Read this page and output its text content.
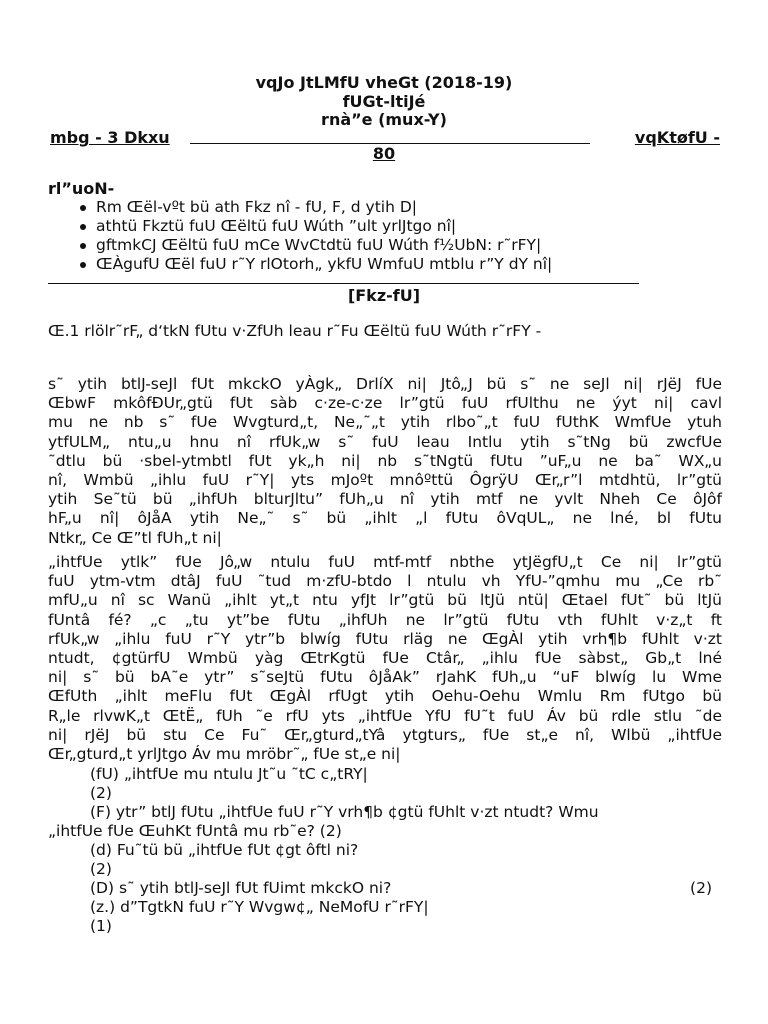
vqJo JtLMfU vheGt (2018-19)
fUGt-ltiJé
rnà”e (mux-Y)
mbg - 3 Dkxu	vqKtøfU -
80
rl”uoN-
Rm Œël-vºt bü ath Fkz nî - fU, F, d ytih D|
athtü Fkztü fuU Œëltü fuU Wúth ”ult yrlJtgo nî|
gftmkCJ Œëltü fuU mCe WvCtdtü fuU Wúth f½UbN: r˜rFY|
ŒÀgufU Œël fuU r˜Y rlOtorh„ ykfU WmfuU mtblu r”Y dY nî|
[Fkz-fU]
Œ.1 rlölr˜rF„ d‘tkN fUtu v·ZfUh leau r˜Fu Œëltü fuU Wúth r˜rFY -
s˜ ytih btlJ-seJl fUt mkckO yÀgk„ DrlíX ni| Jtô„J bü s˜ ne seJl ni| rJëJ fUe
ŒbwF mkôfÐUr„gtü fUt sàb c·ze-c·ze lr”gtü fuU rfUlthu ne ýyt ni| cavl
mu ne nb s˜ fUe Wvgturd„t, Ne„˜„t ytih rlbo˜„t fuU fUthK WmfUe ytuh
ytfULM„ ntu„u hnu nî rfUk„w s˜ fuU leau Intlu ytih s˜tNg bü zwcfUe
˜dtlu bü ·sbel-ytmbtl fUt yk„h ni| nb s˜tNgtü fUtu ”uF„u ne ba˜ WX„u
nî, Wmbü „ihlu fuU r˜Y| yts mJoºt mnôºttü ÔgrÿU Œr„r”l mtdhtü, lr”gtü
ytih Se˜tü bü „ihfUh blturJltu” fUh„u nî ytih mtf ne yvlt Nheh Ce ôJôf
hF„u nî| ôJåA ytih Ne„˜ s˜ bü „ihlt „l fUtu ôVqUL„ ne lné, bl fUtu
Ntkr„ Ce Œ”tl fUh„t ni|
„ihtfUe ytlk” fUe Jô„w ntulu fuU mtf-mtf nbthe ytJëgfU„t Ce ni| lr”gtü
fuU ytm-vtm dtâJ fuU ˜tud m·zfU-btdo l ntulu vh YfU-”qmhu mu „Ce rb˜
mfU„u nî sc Wanü „ihlt yt„t ntu yfJt lr”gtü bü ltJü ntü| Œtael fUt˜ bü ltJü
fUntâ fé? „c „tu yt”be fUtu „ihfUh ne lr”gtü fUtu vth fUhlt v·z„t ft
rfUk„w „ihlu fuU r˜Y ytr”b blwíg fUtu rläg ne ŒgÀl ytih vrh¶b fUhlt v·zt
ntudt, ¢gtürfU Wmbü yàg ŒtrKgtü fUe Ctâr„ „ihlu fUe sàbst„ Gb„t lné
ni| s˜ bü bA˜e ytr” s˜seJtü fUtu ôJåAk” rJahK fUh„u “uF blwíg lu Wme
ŒfUth „ihlt meFlu fUt ŒgÀl rfUgt ytih Oehu-Oehu Wmlu Rm fUtgo bü
R„le rlvwK„t ŒtË„ fUh ˜e rfU yts „ihtfUe YfU fU˜t fuU Áv bü rdle stlu ˜de
ni| rJëJ bü stu Ce Fu˜ Œr„gturd„tYâ ytgturs„ fUe st„e nî, Wlbü „ihtfUe
Œr„gturd„t yrlJtgo Áv mu mröbr˜„ fUe st„e ni|
(fU) „ihtfUe mu ntulu Jt˜u ˜tC c„tRY|
(2)
(F) ytr” btlJ fUtu „ihtfUe fuU r˜Y vrh¶b ¢gtü fUhlt v·zt ntudt? Wmu
„ihtfUe fUe ŒuhKt fUntâ mu rb˜e? (2)
(d) Fu˜tü bü „ihtfUe fUt ¢gt ôftl ni?
(2)
(D) s˜ ytih btlJ-seJl fUt fUimt mkckO ni?	(2)
(z.) d”TgtkN fuU r˜Y Wvgw¢„ NeMofU r˜rFY|
(1)
